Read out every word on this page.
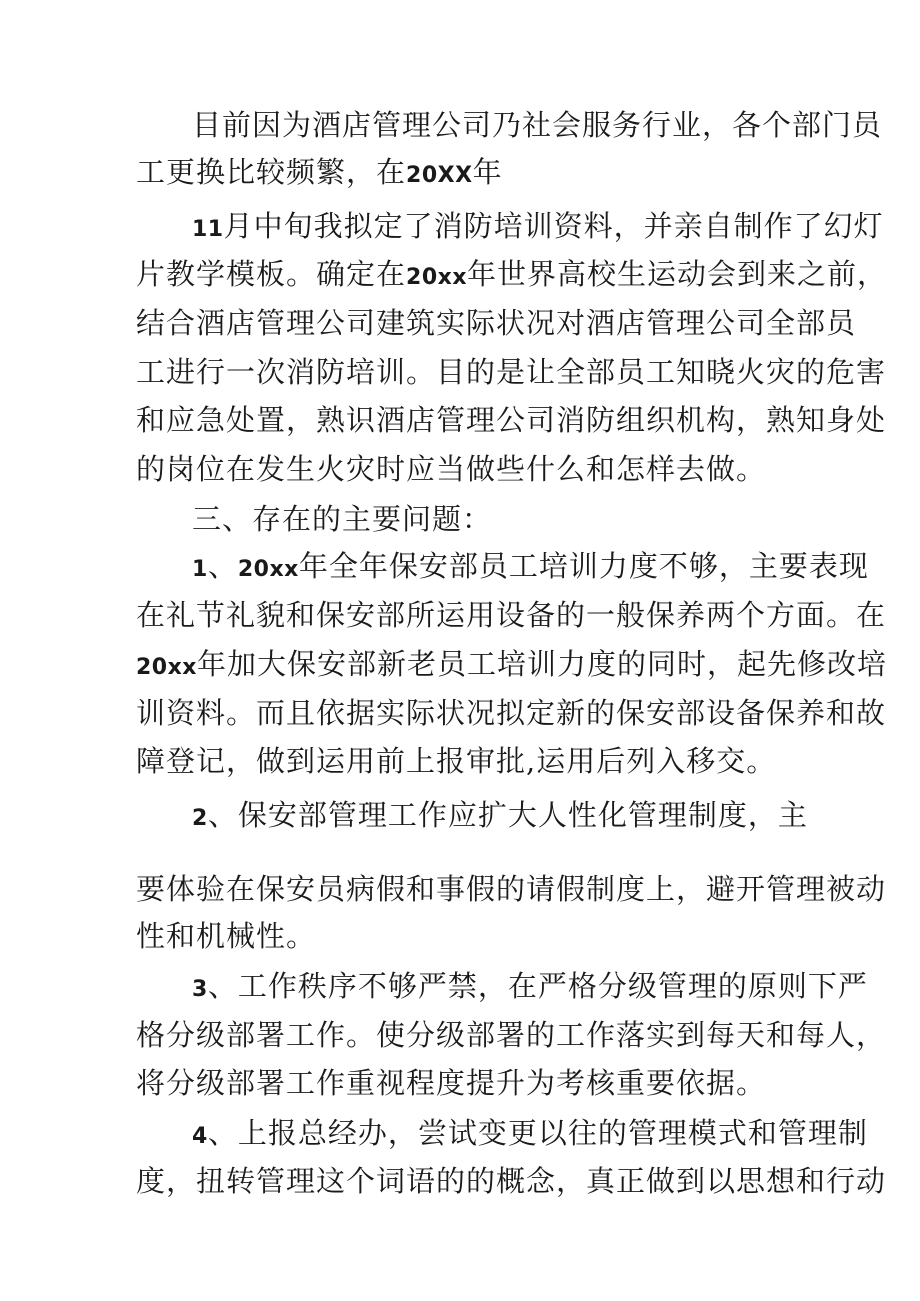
目前因为酒店管理公司乃社会服务行业，各个部门员
工更换比较频繁，在20XX年
11月中旬我拟定了消防培训资料，并亲自制作了幻灯
片教学模板。确定在20xx年世界高校生运动会到来之前，
结合酒店管理公司建筑实际状况对酒店管理公司全部员
工进行一次消防培训。目的是让全部员工知晓火灾的危害
和应急处置，熟识酒店管理公司消防组织机构，熟知身处
的岗位在发生火灾时应当做些什么和怎样去做。
三、存在的主要问题：
1、20xx年全年保安部员工培训力度不够，主要表现
在礼节礼貌和保安部所运用设备的一般保养两个方面。在
20xx年加大保安部新老员工培训力度的同时，起先修改培
训资料。而且依据实际状况拟定新的保安部设备保养和故
障登记，做到运用前上报审批,运用后列入移交。
2、保安部管理工作应扩大人性化管理制度，主
要体验在保安员病假和事假的请假制度上，避开管理被动
性和机械性。
3、工作秩序不够严禁，在严格分级管理的原则下严
格分级部署工作。使分级部署的工作落实到每天和每人，
将分级部署工作重视程度提升为考核重要依据。
4、上报总经办，尝试变更以往的管理模式和管理制
度，扭转管理这个词语的的概念，真正做到以思想和行动
